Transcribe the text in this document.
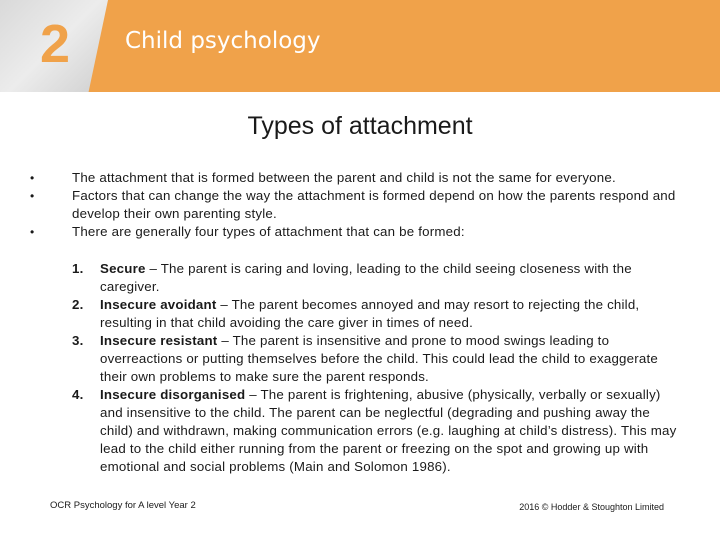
2	Child psychology
Types of attachment
•	The attachment that is formed between the parent and child is not the same for everyone.
•	Factors that can change the way the attachment is formed depend on how the parents respond and develop their own parenting style.
•	There are generally four types of attachment that can be formed:
1. Secure – The parent is caring and loving, leading to the child seeing closeness with the caregiver.
2. Insecure avoidant – The parent becomes annoyed and may resort to rejecting the child, resulting in that child avoiding the care giver in times of need.
3. Insecure resistant – The parent is insensitive and prone to mood swings leading to overreactions or putting themselves before the child. This could lead the child to exaggerate their own problems to make sure the parent responds.
4. Insecure disorganised – The parent is frightening, abusive (physically, verbally or sexually) and insensitive to the child. The parent can be neglectful (degrading and pushing away the child) and withdrawn, making communication errors (e.g. laughing at child’s distress). This may lead to the child either running from the parent or freezing on the spot and growing up with emotional and social problems (Main and Solomon 1986).
OCR Psychology for A level Year 2	2016 © Hodder & Stoughton Limited
